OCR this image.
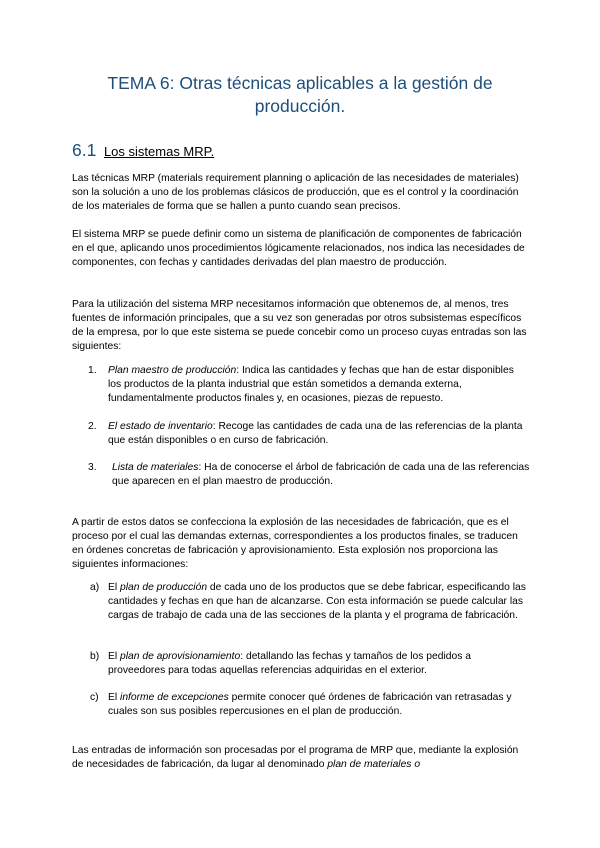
TEMA 6: Otras técnicas aplicables a la gestión de
producción.
6.1 Los sistemas MRP.

Las técnicas MRP (materials requirement planning o aplicación de las necesidades de materiales) son la solución a uno de los problemas clásicos de producción, que es el control y la coordinación de los materiales de forma que se hallen a punto cuando sean precisos.

El sistema MRP se puede definir como un sistema de planificación de componentes de fabricación en el que, aplicando unos procedimientos lógicamente relacionados, nos indica las necesidades de componentes, con fechas y cantidades derivadas del plan maestro de producción.

Para la utilización del sistema MRP necesitamos información que obtenemos de, al menos, tres fuentes de información principales, que a su vez son generadas por otros subsistemas específicos de la empresa, por lo que este sistema se puede concebir como un proceso cuyas entradas son las siguientes:

1. Plan maestro de producción: Indica las cantidades y fechas que han de estar disponibles los productos de la planta industrial que están sometidos a demanda externa, fundamentalmente productos finales y, en ocasiones, piezas de repuesto.

2. El estado de inventario: Recoge las cantidades de cada una de las referencias de la planta que están disponibles o en curso de fabricación.

3. Lista de materiales: Ha de conocerse el árbol de fabricación de cada una de las referencias que aparecen en el plan maestro de producción.

A partir de estos datos se confecciona la explosión de las necesidades de fabricación, que es el proceso por el cual las demandas externas, correspondientes a los productos finales, se traducen en órdenes concretas de fabricación y aprovisionamiento. Esta explosión nos proporciona las siguientes informaciones:

a) El plan de producción de cada uno de los productos que se debe fabricar, especificando las cantidades y fechas en que han de alcanzarse. Con esta información se puede calcular las cargas de trabajo de cada una de las secciones de la planta y el programa de fabricación.

b) El plan de aprovisionamiento: detallando las fechas y tamaños de los pedidos a proveedores para todas aquellas referencias adquiridas en el exterior.

c) El informe de excepciones permite conocer qué órdenes de fabricación van retrasadas y cuales son sus posibles repercusiones en el plan de producción.

Las entradas de información son procesadas por el programa de MRP que, mediante la explosión de necesidades de fabricación, da lugar al denominado plan de materiales o
